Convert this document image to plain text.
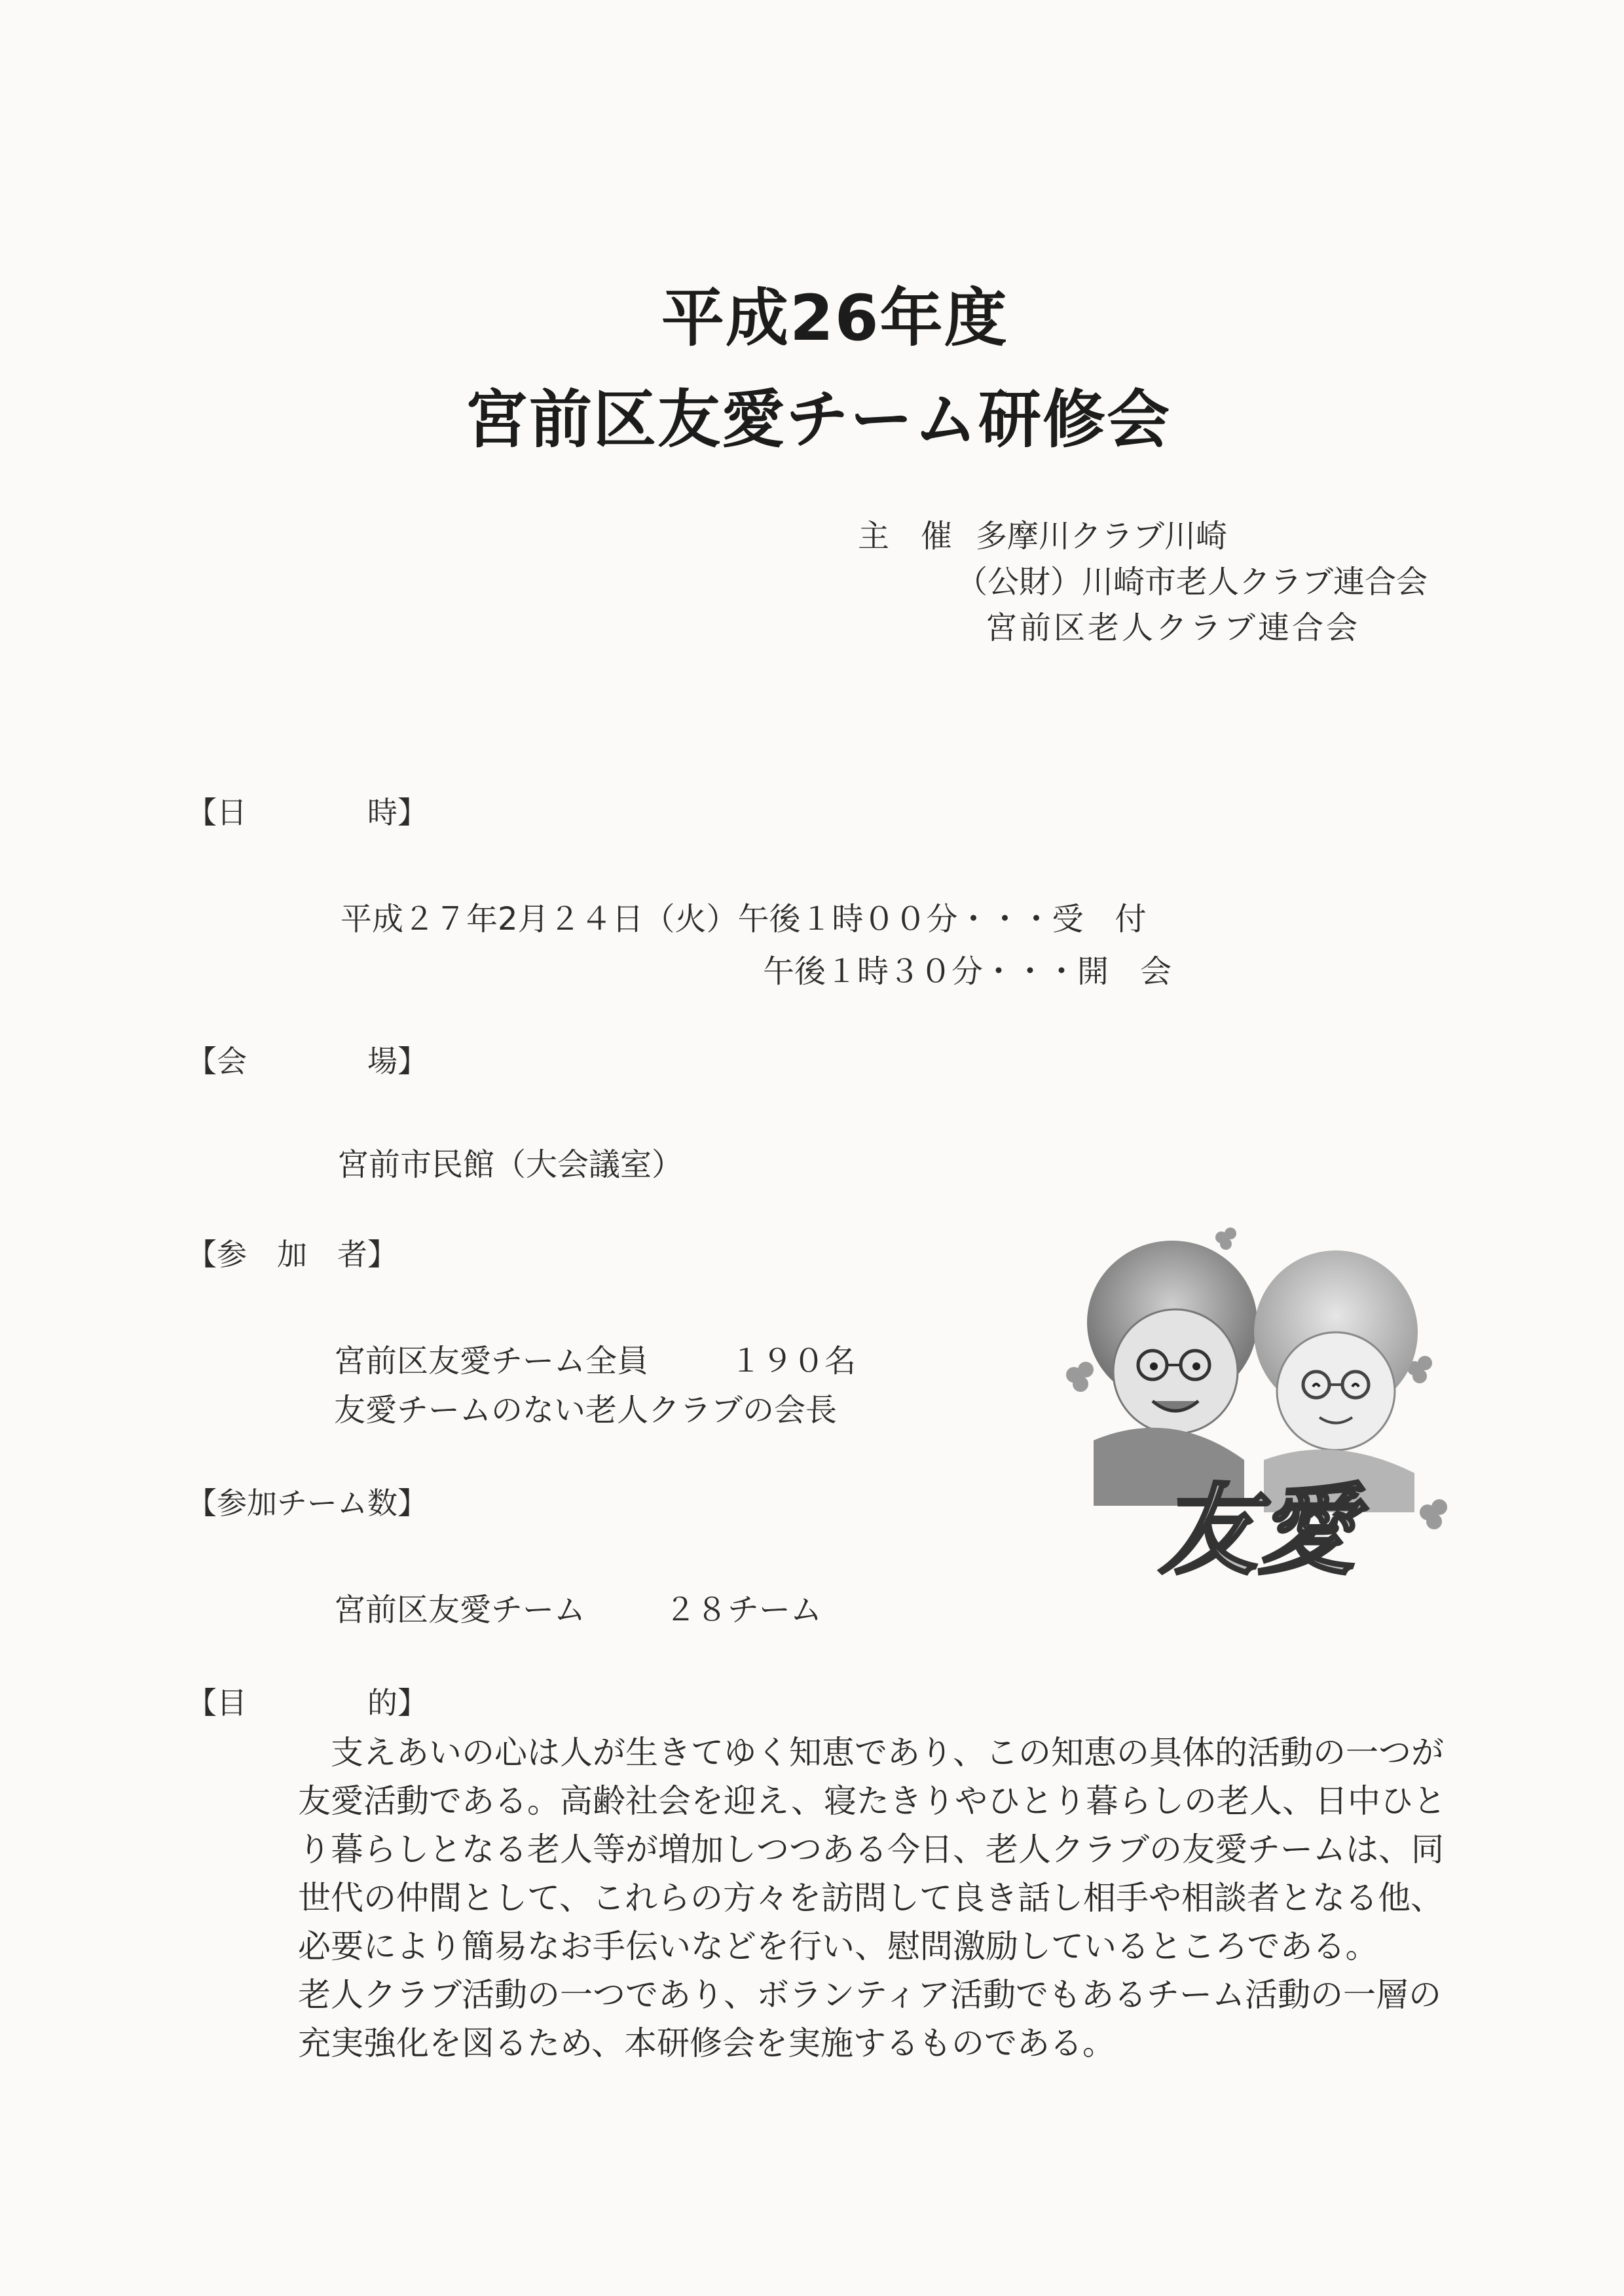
平成26年度
宮前区友愛チーム研修会
主　催 多摩川クラブ川崎
（公財）川崎市老人クラブ連合会
宮前区老人クラブ連合会
【日　　　　時】
平成２７年2月２４日（火）午後１時００分・・・受　付
午後１時３０分・・・開　会
【会　　　　場】
宮前市民館（大会議室）
【参　加　者】
宮前区友愛チーム全員	１９０名
友愛チームのない老人クラブの会長
【参加チーム数】
宮前区友愛チーム	２８チーム
【目　　　　的】
　支えあいの心は人が生きてゆく知恵であり、この知恵の具体的活動の一つが
友愛活動である。高齢社会を迎え、寝たきりやひとり暮らしの老人、日中ひと
り暮らしとなる老人等が増加しつつある今日、老人クラブの友愛チームは、同
世代の仲間として、これらの方々を訪問して良き話し相手や相談者となる他、
必要により簡易なお手伝いなどを行い、慰問激励しているところである。
老人クラブ活動の一つであり、ボランティア活動でもあるチーム活動の一層の
充実強化を図るため、本研修会を実施するものである。
友愛
